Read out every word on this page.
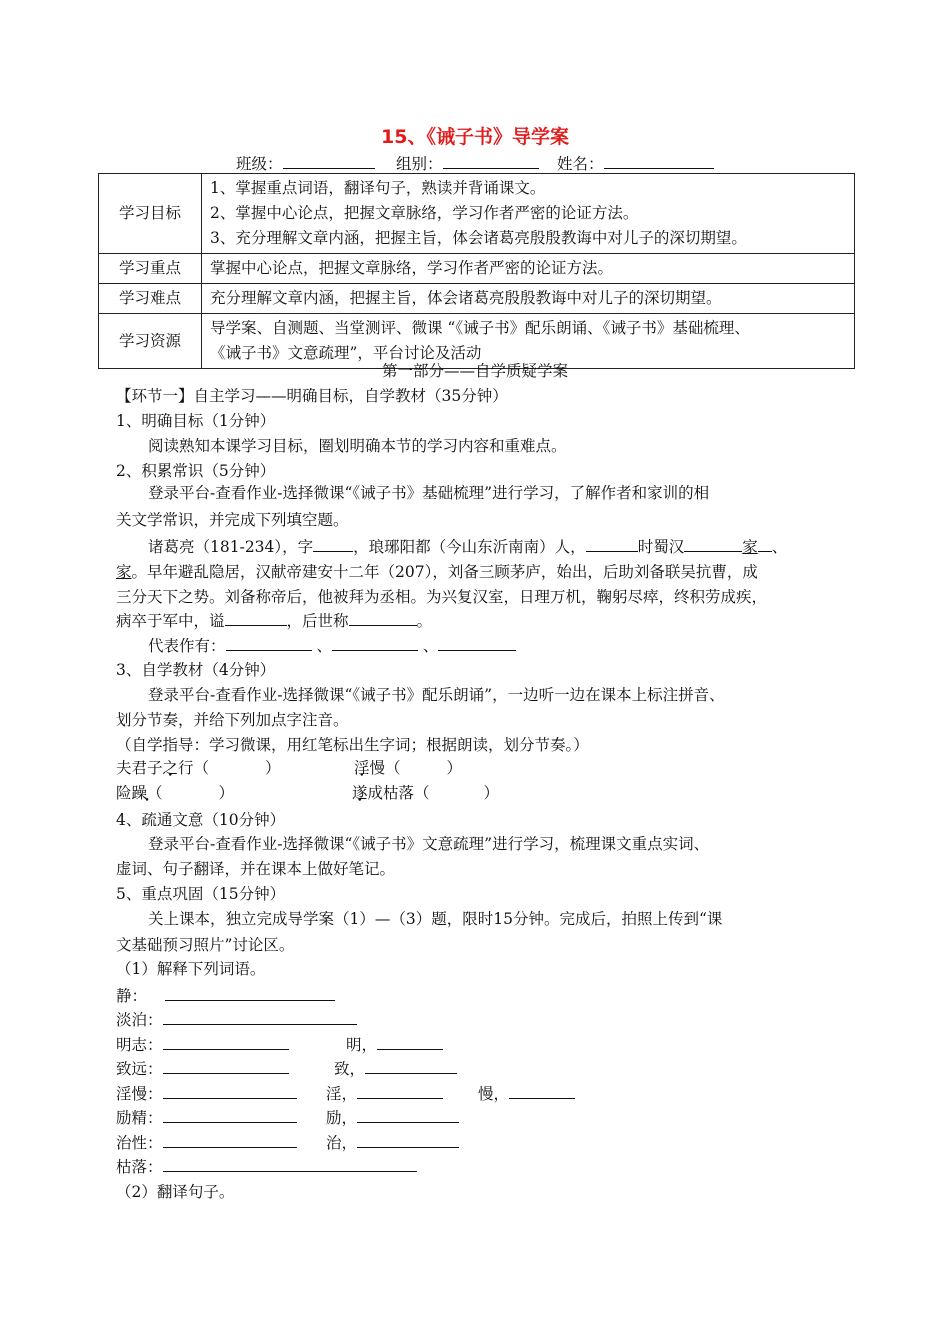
15、《诫子书》导学案
班级：	组别：	姓名：
学习目标	1、掌握重点词语，翻译句子，熟读并背诵课文。
2、掌握中心论点，把握文章脉络，学习作者严密的论证方法。
3、充分理解文章内涵，把握主旨，体会诸葛亮殷殷教诲中对儿子的深切期望。

学习重点	掌握中心论点，把握文章脉络，学习作者严密的论证方法。
学习难点	充分理解文章内涵，把握主旨，体会诸葛亮殷殷教诲中对儿子的深切期望。
学习资源	导学案、自测题、当堂测评、微课 “《诫子书》配乐朗诵、《诫子书》基础梳理、
《诫子书》文意疏理”，平台讨论及活动
第一部分——自学质疑学案
【环节一】自主学习——明确目标，自学教材（35分钟）
1、明确目标（1分钟）
阅读熟知本课学习目标，圈划明确本节的学习内容和重难点。
2、积累常识（5分钟）
登录平台-查看作业-选择微课“《诫子书》基础梳理”进行学习，了解作者和家训的相
关文学常识，并完成下列填空题。
诸葛亮（181-234），字	，琅琊阳都（今山东沂南南）人，	时蜀汉	家 、
家。早年避乱隐居，汉献帝建安十二年（207），刘备三顾茅庐，始出，后助刘备联吴抗曹，成
三分天下之势。刘备称帝后，他被拜为丞相。为兴复汉室，日理万机，鞠躬尽瘁，终积劳成疾，
病卒于军中，谥	，后世称	。
代表作有：	、	、
3、自学教材（4分钟）
登录平台-查看作业-选择微课“《诫子书》配乐朗诵”，一边听一边在课本上标注拼音、
划分节奏，并给下列加点字注音。
（自学指导：学习微课，用红笔标出生字词；根据朗读，划分节奏。）
夫君子之行（	）	淫慢（	）
险躁（ •	）	遂成枯落（	）
4、疏通文意（10分钟）
登录平台-查看作业-选择微课“《诫子书》文意疏理”进行学习，梳理课文重点实词、
虚词、句子翻译，并在课本上做好笔记。
5、重点巩固（15分钟）
关上课本，独立完成导学案（1）—（3）题，限时15分钟。完成后，拍照上传到“课
文基础预习照片”讨论区。
（1）解释下列词语。
静：
淡泊：
明志：	明，
致远：	致，
淫慢：	淫，	慢，
励精：	励，
治性：	治，
枯落：
（2）翻译句子。
